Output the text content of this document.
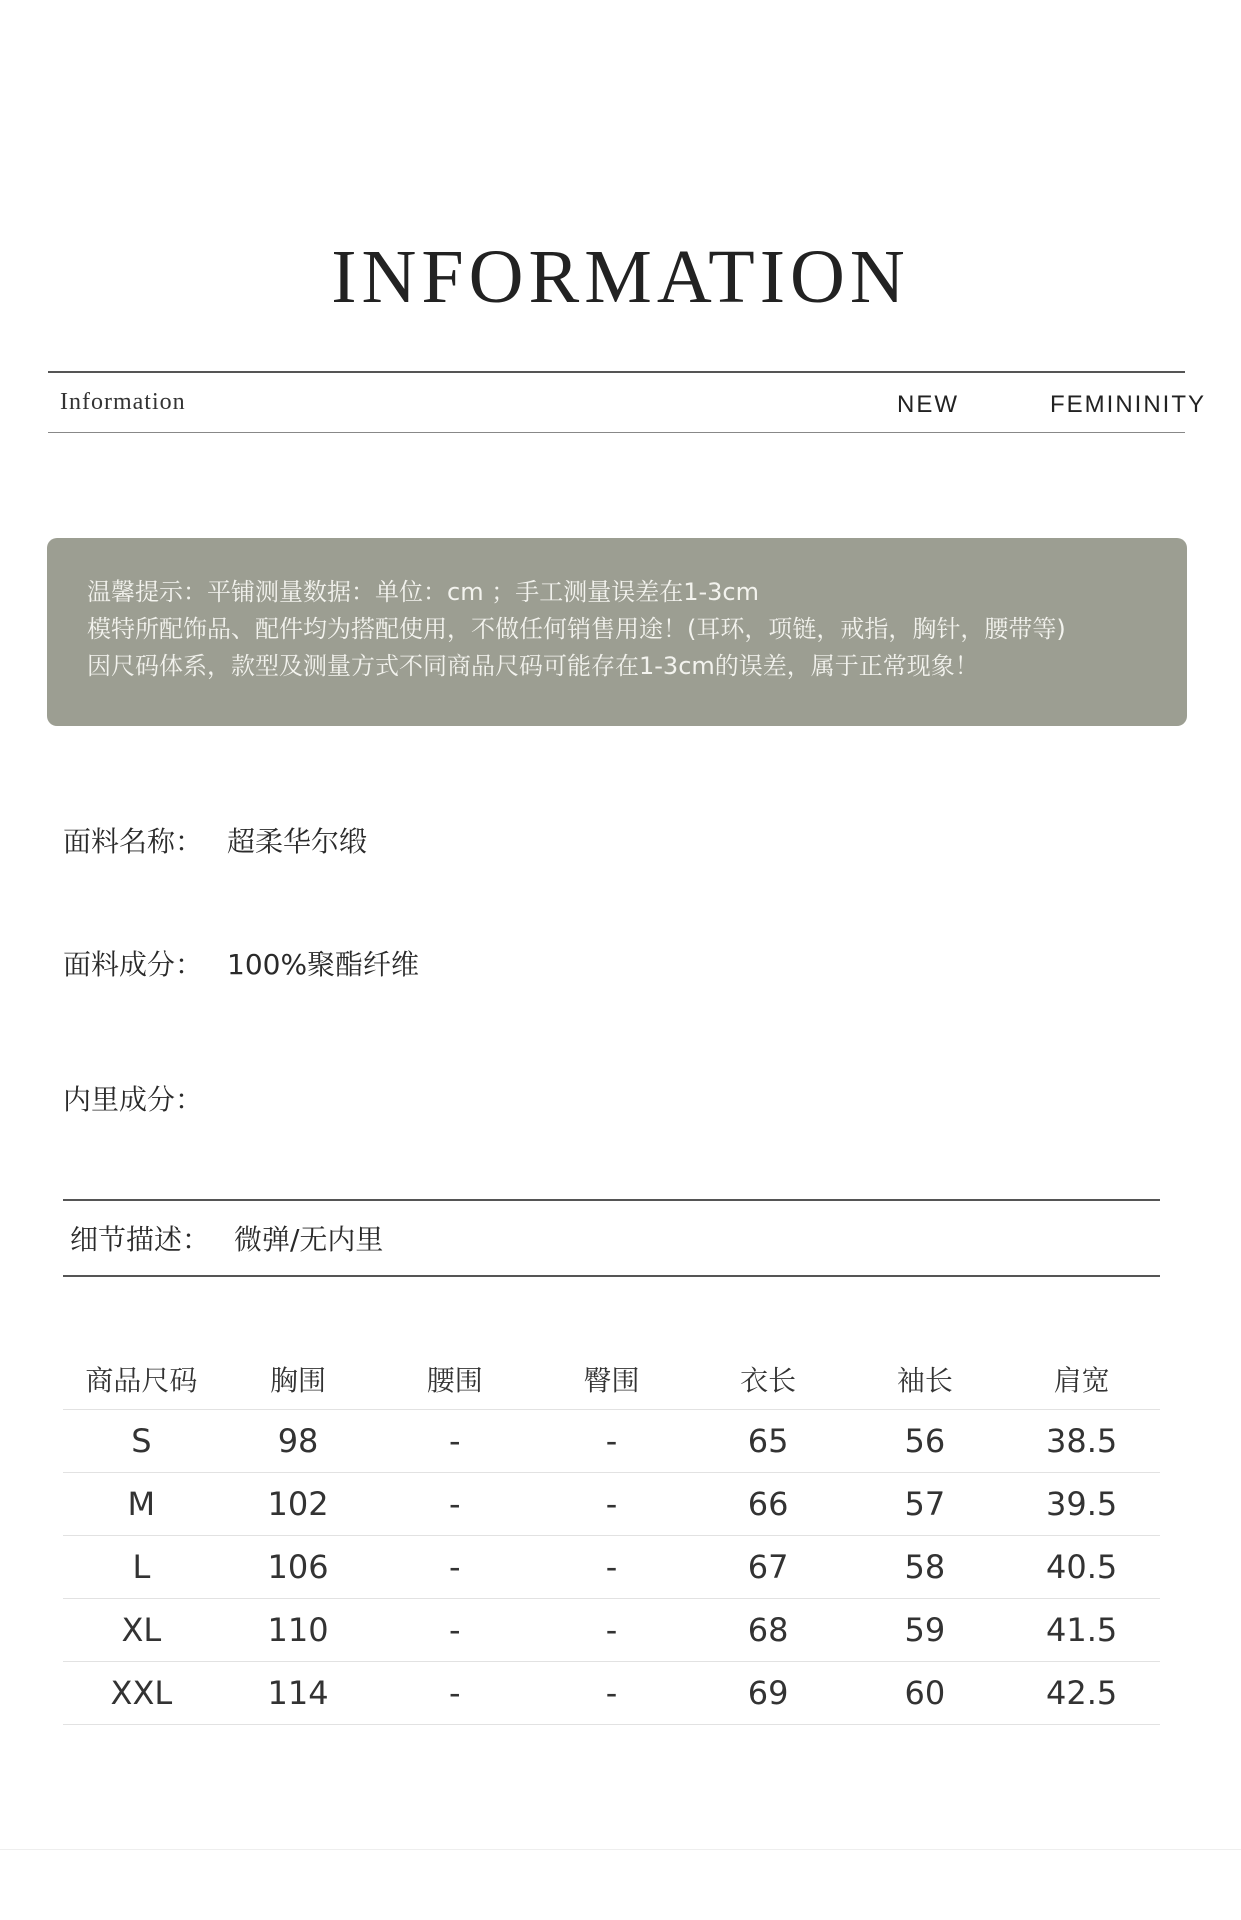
INFORMATION
Information	NEW	FEMININITY
温馨提示：平铺测量数据：单位：cm ；手工测量误差在1-3cm
模特所配饰品、配件均为搭配使用，不做任何销售用途！(耳环，项链，戒指，胸针，腰带等)
因尺码体系，款型及测量方式不同商品尺码可能存在1-3cm的误差，属于正常现象！
面料名称： 超柔华尔缎
面料成分： 100%聚酯纤维
内里成分：
细节描述： 微弹/无内里
商品尺码	胸围	腰围	臀围	衣长	袖长	肩宽
S	98	-	-	65	56	38.5
M	102	-	-	66	57	39.5
L	106	-	-	67	58	40.5
XL	110	-	-	68	59	41.5
XXL	114	-	-	69	60	42.5
